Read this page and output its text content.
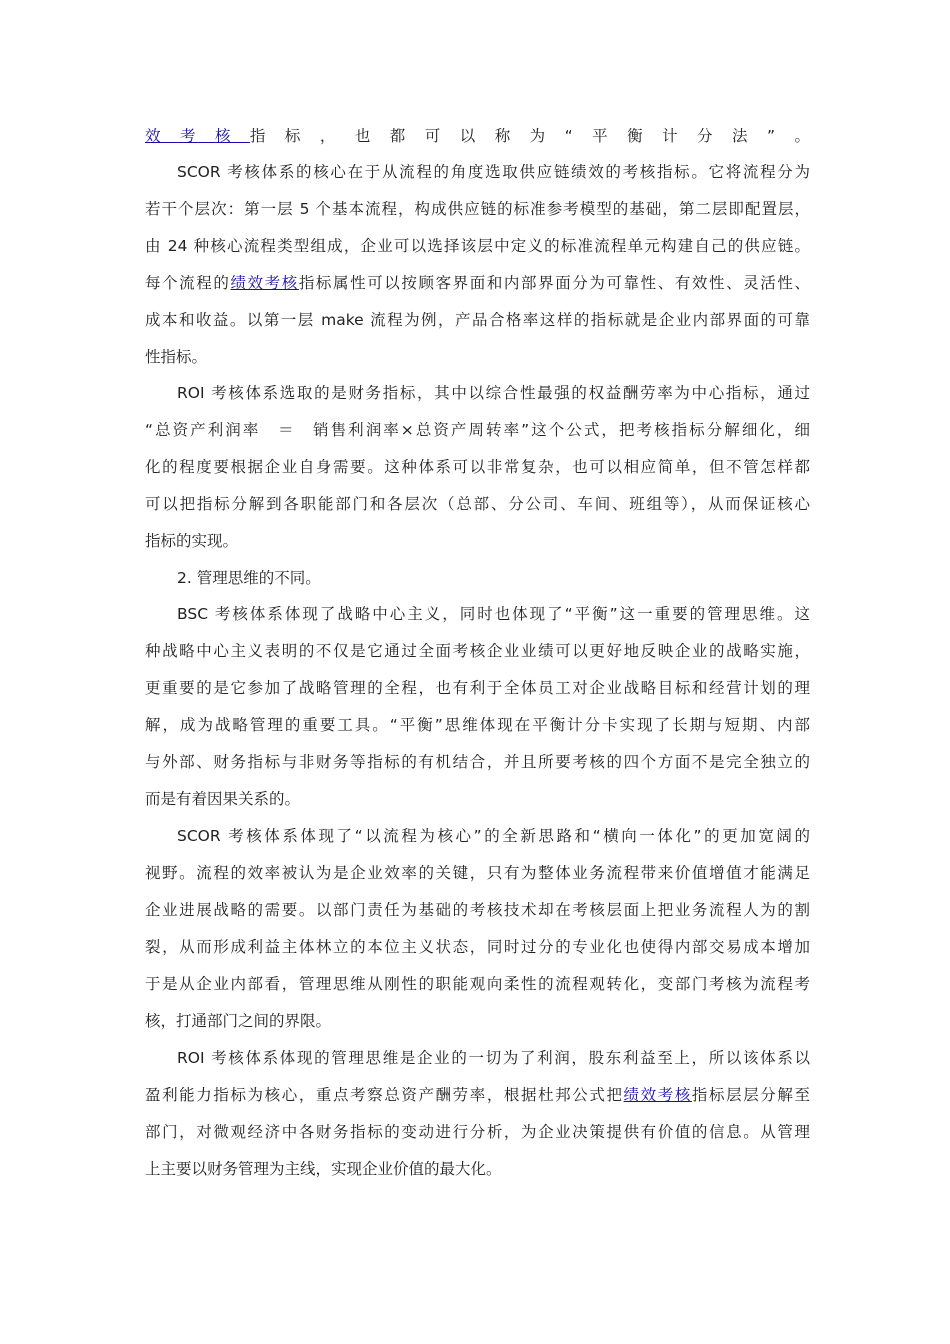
效考核指标，也都可以称为“平衡计分法”。
SCOR 考核体系的核心在于从流程的角度选取供应链绩效的考核指标。它将流程分为
若干个层次：第一层 5 个基本流程，构成供应链的标准参考模型的基础，第二层即配置层，
由 24 种核心流程类型组成，企业可以选择该层中定义的标准流程单元构建自己的供应链。
每个流程的绩效考核指标属性可以按顾客界面和内部界面分为可靠性、有效性、灵活性、
成本和收益。以第一层 make 流程为例，产品合格率这样的指标就是企业内部界面的可靠
性指标。
ROI 考核体系选取的是财务指标，其中以综合性最强的权益酬劳率为中心指标，通过
“总资产利润率　＝　销售利润率×总资产周转率”这个公式，把考核指标分解细化，细
化的程度要根据企业自身需要。这种体系可以非常复杂，也可以相应简单，但不管怎样都
可以把指标分解到各职能部门和各层次（总部、分公司、车间、班组等），从而保证核心
指标的实现。
2. 管理思维的不同。
BSC 考核体系体现了战略中心主义，同时也体现了“平衡”这一重要的管理思维。这
种战略中心主义表明的不仅是它通过全面考核企业业绩可以更好地反映企业的战略实施，
更重要的是它参加了战略管理的全程，也有利于全体员工对企业战略目标和经营计划的理
解，成为战略管理的重要工具。“平衡”思维体现在平衡计分卡实现了长期与短期、内部
与外部、财务指标与非财务等指标的有机结合，并且所要考核的四个方面不是完全独立的
而是有着因果关系的。
SCOR 考核体系体现了“以流程为核心”的全新思路和“横向一体化”的更加宽阔的
视野。流程的效率被认为是企业效率的关键，只有为整体业务流程带来价值增值才能满足
企业进展战略的需要。以部门责任为基础的考核技术却在考核层面上把业务流程人为的割
裂，从而形成利益主体林立的本位主义状态，同时过分的专业化也使得内部交易成本增加
于是从企业内部看，管理思维从刚性的职能观向柔性的流程观转化，变部门考核为流程考
核，打通部门之间的界限。
ROI 考核体系体现的管理思维是企业的一切为了利润，股东利益至上，所以该体系以
盈利能力指标为核心，重点考察总资产酬劳率，根据杜邦公式把绩效考核指标层层分解至
部门，对微观经济中各财务指标的变动进行分析，为企业决策提供有价值的信息。从管理
上主要以财务管理为主线，实现企业价值的最大化。
